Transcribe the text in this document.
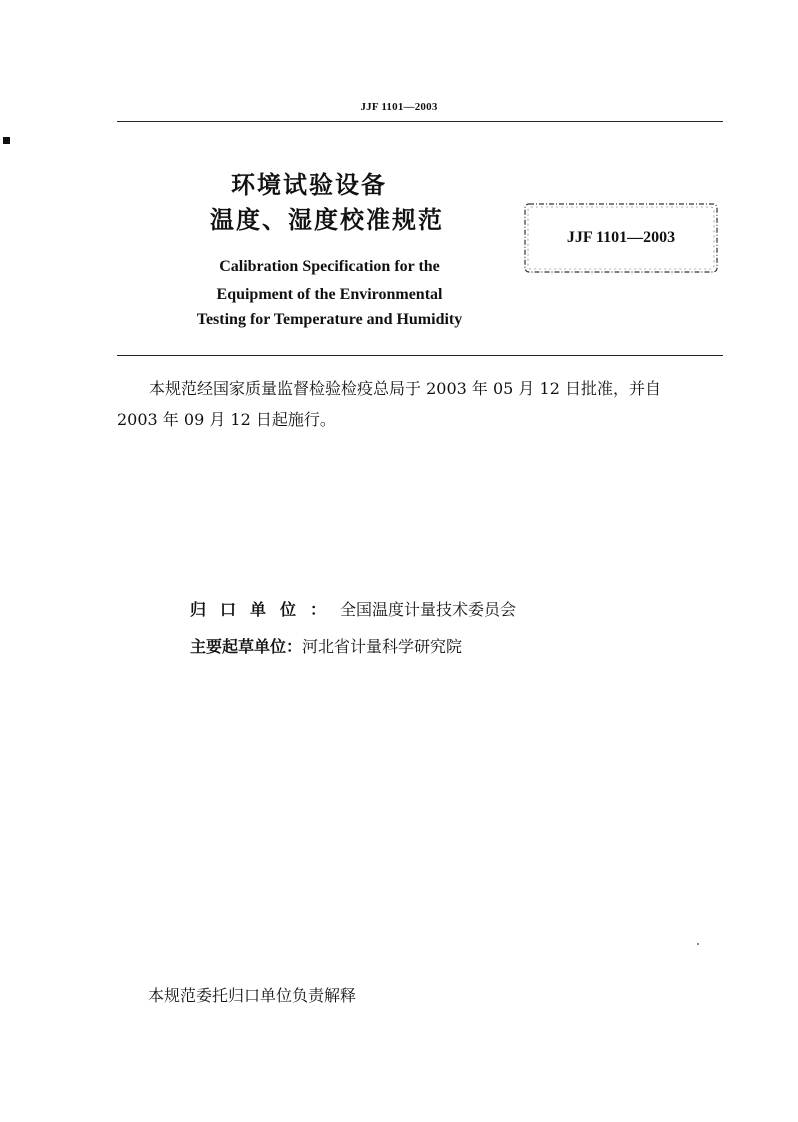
JJF 1101—2003
环境试验设备
温度、湿度校准规范
Calibration Specification for the
Equipment of the Environmental
Testing for Temperature and Humidity
JJF 1101—2003
本规范经国家质量监督检验检疫总局于 2003 年 05 月 12 日批准，并自
2003 年 09 月 12 日起施行。
归口单位：全国温度计量技术委员会
主要起草单位：河北省计量科学研究院
本规范委托归口单位负责解释
